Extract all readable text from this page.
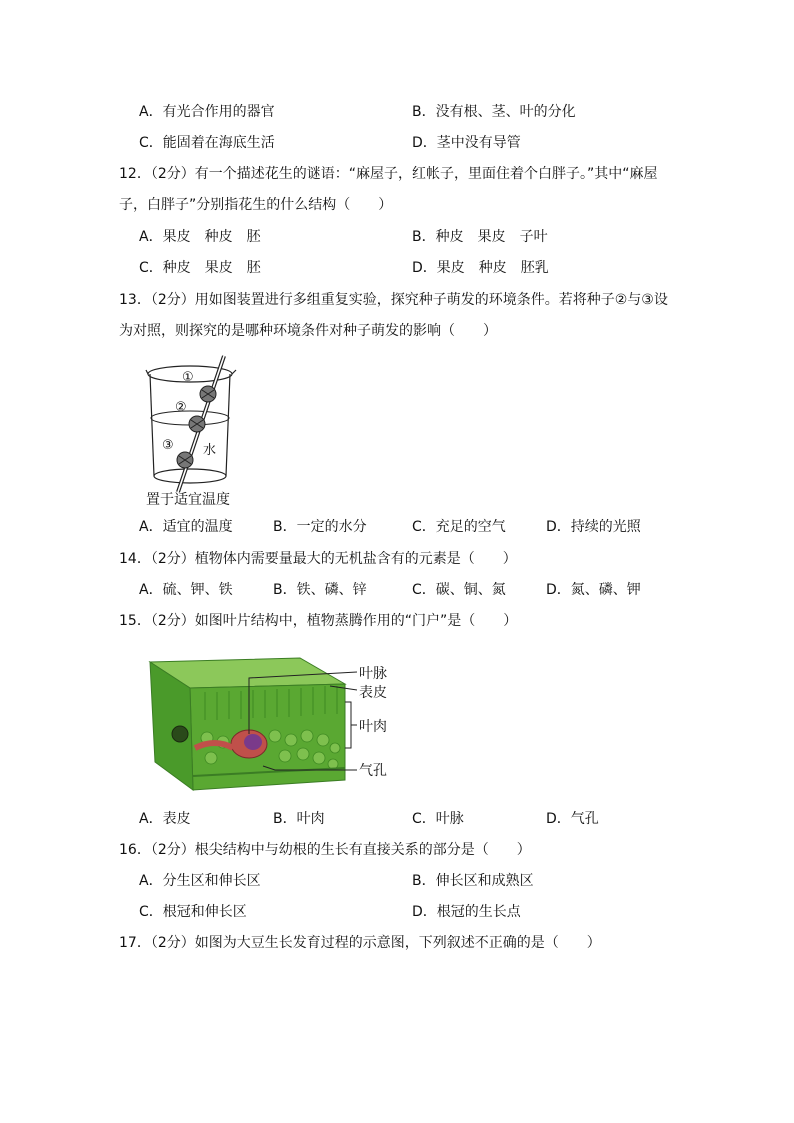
A．有光合作用的器官	B．没有根、茎、叶的分化
C．能固着在海底生活	D．茎中没有导管
12．（2分）有一个描述花生的谜语：“麻屋子，红帐子，里面住着个白胖子。”其中“麻屋
子，白胖子”分别指花生的什么结构（　　）
A．果皮　种皮　胚	B．种皮　果皮　子叶
C．种皮　果皮　胚	D．果皮　种皮　胚乳
13．（2分）用如图装置进行多组重复实验，探究种子萌发的环境条件。若将种子②与③设
为对照，则探究的是哪种环境条件对种子萌发的影响（　　）
①
②
③ 水
置于适宜温度
A．适宜的温度	B．一定的水分	C．充足的空气	D．持续的光照
14．（2分）植物体内需要量最大的无机盐含有的元素是（　　）
A．硫、钾、铁	B．铁、磷、锌	C．碳、铜、氮	D．氮、磷、钾
15．（2分）如图叶片结构中，植物蒸腾作用的“门户”是（　　）
叶脉
表皮
叶肉
气孔
A．表皮	B．叶肉	C．叶脉	D．气孔
16．（2分）根尖结构中与幼根的生长有直接关系的部分是（　　）
A．分生区和伸长区	B．伸长区和成熟区
C．根冠和伸长区	D．根冠的生长点
17．（2分）如图为大豆生长发育过程的示意图，下列叙述不正确的是（　　）
